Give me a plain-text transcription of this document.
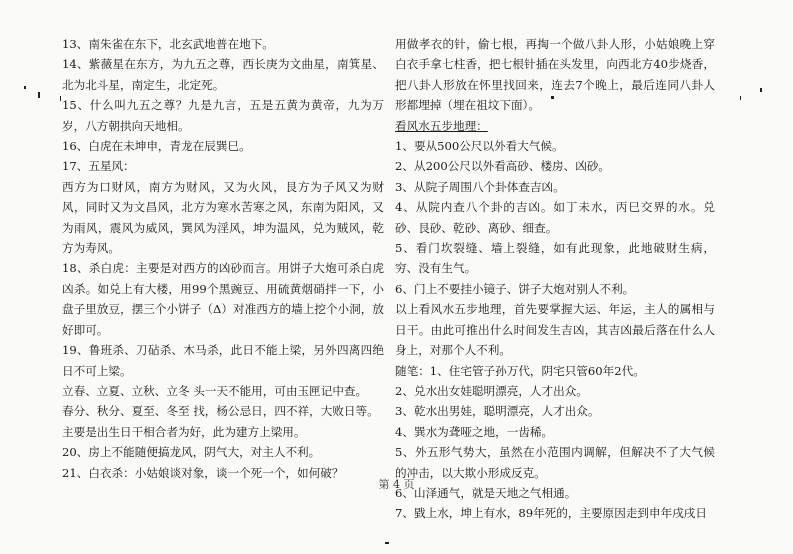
13、南朱雀在东下，北玄武地普在地下。

14、紫薇星在东方，为九五之尊，西长庚为文曲星，南箕星、北为北斗星，南定生，北定死。

15、什么叫九五之尊？九是九言，五是五黄为黄帝，九为万岁，八方朝拱向天地相。

16、白虎在未坤申，青龙在辰巽巳。

17、五星风：

西方为口财风，南方为财风，又为火风，艮方为子风又为财风，同时又为文昌风，北方为寒水苦寒之风，东南为阳风，又为雨风，震风为威风，巽风为淫风，坤为温风，兑为贼风，乾方为寿风。

18、杀白虎：主要是对西方的凶砂而言。用饼子大炮可杀白虎凶杀。如兑上有大楼，用99个黑豌豆、用硫黄烟硝拌一下，小盘子里放豆，摆三个小饼子（Δ）对准西方的墙上挖个小洞，放好即可。

19、鲁班杀、刀砧杀、木马杀，此日不能上梁，另外四离四绝日不可上梁。

立春、立夏、立秋、立冬 头一天不能用，可由玉匣记中查。

春分、秋分、夏至、冬至 找，杨公忌日，四不祥，大败日等。

主要是出生日干相合者为好，此为建方上梁用。

20、房上不能随便搞龙风，阴气大，对主人不利。

21、白衣杀：小姑娘谈对象，谈一个死一个，如何破？

用做孝衣的针，偷七根，再掏一个做八卦人形，小姑娘晚上穿白衣手拿七柱香，把七根针插在头发里，向西北方40步烧香，把八卦人形放在怀里找回来，连去7个晚上，最后连同八卦人形都埋掉（埋在祖坟下面）。

看风水五步地理：

1、要从500公尺以外看大气候。

2、从200公尺以外看高砂、楼房、凶砂。

3、从院子周围八个卦体查吉凶。

4、从院内查八个卦的吉凶。如丁未水，丙巳交界的水。兑砂、艮砂、乾砂、离砂、细查。

5、看门坎裂缝、墙上裂缝，如有此现象，此地破财生病，穷、没有生气。

6、门上不要挂小镜子、饼子大炮对别人不利。

以上看风水五步地理，首先要掌握大运、年运，主人的属相与日干。由此可推出什么时间发生吉凶，其吉凶最后落在什么人身上，对那个人不利。

随笔：1、住宅管子孙万代，阴宅只管60年2代。

2、兑水出女娃聪明漂亮，人才出众。

3、乾水出男娃，聪明漂亮，人才出众。

4、巽水为聋哑之地，一齿稀。

5、外五形气势大，虽然在小范围内调解，但解决不了大气候的冲击，以大欺小形成反克。

6、山泽通气，就是天地之气相通。

7、戥上水，坤上有水，89年死的，主要原因走到申年戌戌日

第 4 页
